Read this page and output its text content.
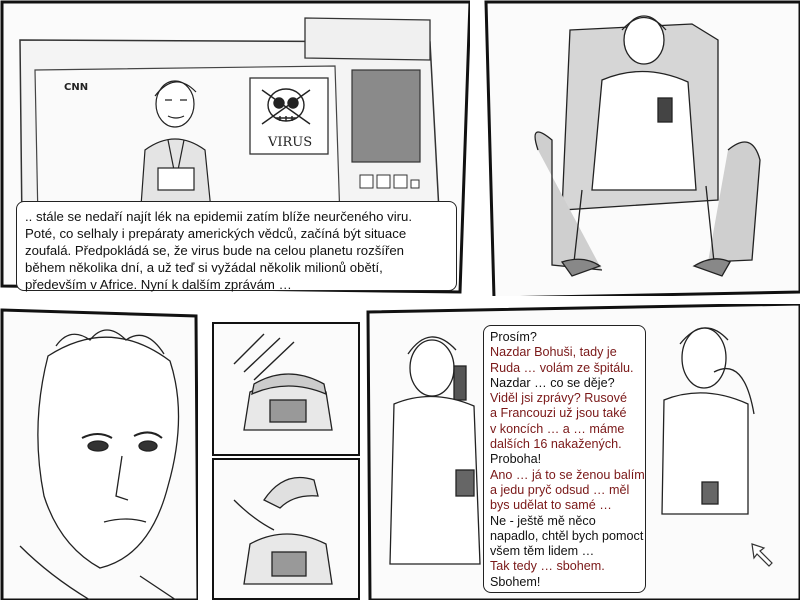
VIRUS
CNN
.. stále se nedaří najít lék na epidemii zatím blíže neurčeného viru.
Poté, co selhaly i prepáraty amerických vědců, začíná být situace
zoufalá. Předpokládá se, že virus bude na celou planetu rozšířen
během několika dní, a už teď si vyžádal několik milionů obětí,
především v Africe. Nyní k dalším zprávám …
Prosím?
Nazdar Bohuši, tady je
Ruda … volám ze špitálu.
Nazdar … co se děje?
Viděl jsi zprávy? Rusové
a Francouzi už jsou také
v koncích … a … máme
dalších 16 nakažených.
Proboha!
Ano … já to se ženou balím
a jedu pryč odsud … měl
bys udělat to samé …
Ne - ještě mě něco
napadlo, chtěl bych pomoct
všem těm lidem …
Tak tedy … sbohem.
Sbohem!
